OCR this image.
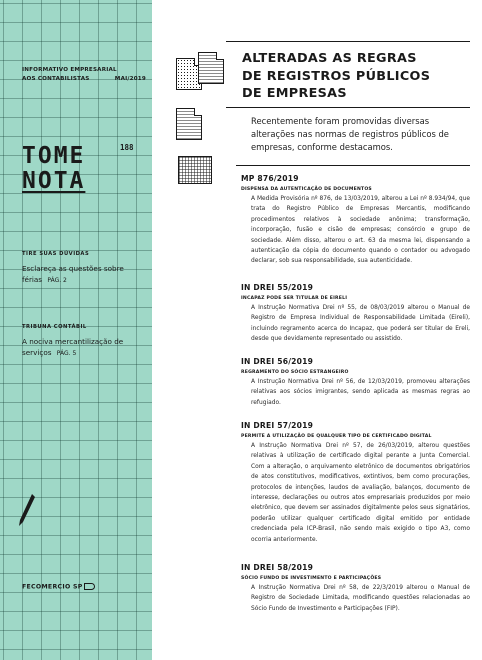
INFORMATIVO EMPRESARIAL
AOS CONTABILISTAS	MAI/2019
TOME
NOTA
188
TIRE SUAS DÚVIDAS
Esclareça as questões sobre férias PÁG. 2
TRIBUNA CONTÁBIL
A nociva mercantilização de serviços PÁG. 5
FECOMERCIO SP
ALTERADAS AS REGRAS
DE REGISTROS PÚBLICOS
DE EMPRESAS
Recentemente foram promovidas diversas alterações nas normas de registros públicos de empresas, conforme destacamos.
MP 876/2019
DISPENSA DA AUTENTICAÇÃO DE DOCUMENTOS
A Medida Provisória nº 876, de 13/03/2019, alterou a Lei nº 8.934/94, que trata do Registro Público de Empresas Mercantis, modificando procedimentos relativos à sociedade anônima; transformação, incorporação, fusão e cisão de empresas; consórcio e grupo de sociedade. Além disso, alterou o art. 63 da mesma lei, dispensando a autenticação da cópia do documento quando o contador ou advogado declarar, sob sua responsabilidade, sua autenticidade.
IN DREI 55/2019
INCAPAZ PODE SER TITULAR DE EIRELI
A Instrução Normativa Drei nº 55, de 08/03/2019 alterou o Manual de Registro de Empresa Individual de Responsabilidade Limitada (Eireli), incluindo regramento acerca do Incapaz, que poderá ser titular de Ereli, desde que devidamente representado ou assistido.
IN DREI 56/2019
REGRAMENTO DO SÓCIO ESTRANGEIRO
A Instrução Normativa Drei nº 56, de 12/03/2019, promoveu alterações relativas aos sócios imigrantes, sendo aplicada as mesmas regras ao refugiado.
IN DREI 57/2019
PERMITE A UTILIZAÇÃO DE QUALQUER TIPO DE CERTIFICADO DIGITAL
A Instrução Normativa Drei nº 57, de 26/03/2019, alterou questões relativas à utilização de certificado digital perante a Junta Comercial. Com a alteração, o arquivamento eletrônico de documentos obrigatórios de atos constitutivos, modificativos, extintivos, bem como procurações, protocolos de intenções, laudos de avaliação, balanços, documento de interesse, declarações ou outros atos empresariais produzidos por meio eletrônico, que devem ser assinados digitalmente pelos seus signatários, poderão utilizar qualquer certificado digital emitido por entidade credenciada pela ICP-Brasil, não sendo mais exigido o tipo A3, como ocorria anteriormente.
IN DREI 58/2019
SÓCIO FUNDO DE INVESTIMENTO E PARTICIPAÇÕES
A Instrução Normativa Drei nº 58, de 22/3/2019 alterou o Manual de Registro de Sociedade Limitada, modificando questões relacionadas ao Sócio Fundo de Investimento e Participações (FIP).
